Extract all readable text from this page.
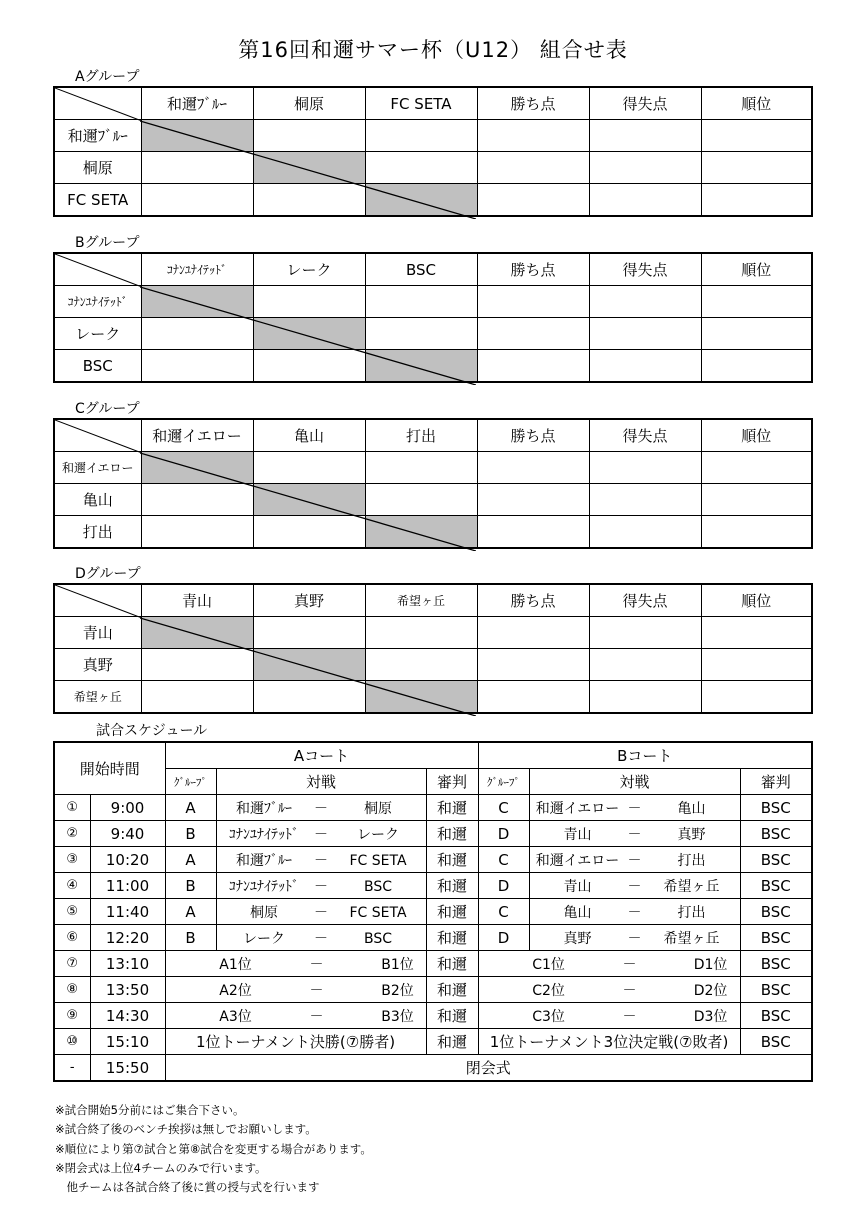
第16回和邇サマー杯（U12） 組合せ表
Aグループ
	和邇ﾌﾞﾙｰ	桐原	FC SETA	勝ち点	得失点	順位
和邇ﾌﾞﾙｰ						
桐原						
FC SETA						
Bグループ
	ｺﾅﾝﾕﾅｲﾃｯﾄﾞ	レーク	BSC	勝ち点	得失点	順位
ｺﾅﾝﾕﾅｲﾃｯﾄﾞ						
レーク						
BSC						
Cグループ
	和邇イエロー	亀山	打出	勝ち点	得失点	順位
和邇イエロー						
亀山						
打出						
Dグループ
	青山	真野	希望ヶ丘	勝ち点	得失点	順位
青山						
真野						
希望ヶ丘						
試合スケジュール
開始時間		Aコート			Bコート		
		ｸﾞﾙｰﾌﾟ	対戦	審判	ｸﾞﾙｰﾌﾟ	対戦	審判
①	9:00	A	和邇ﾌﾞﾙｰ － 桐原	和邇	C	和邇イエロー － 亀山	BSC
②	9:40	B	ｺﾅﾝﾕﾅｲﾃｯﾄﾞ － レーク	和邇	D	青山 － 真野	BSC
③	10:20	A	和邇ﾌﾞﾙｰ － FC SETA	和邇	C	和邇イエロー － 打出	BSC
④	11:00	B	ｺﾅﾝﾕﾅｲﾃｯﾄﾞ － BSC	和邇	D	青山 － 希望ヶ丘	BSC
⑤	11:40	A	桐原 － FC SETA	和邇	C	亀山 － 打出	BSC
⑥	12:20	B	レーク － BSC	和邇	D	真野 － 希望ヶ丘	BSC
⑦	13:10	A1位 － B1位		和邇	C1位 － D1位		BSC
⑧	13:50	A2位 － B2位		和邇	C2位 － D2位		BSC
⑨	14:30	A3位 － B3位		和邇	C3位 － D3位		BSC
⑩	15:10	1位トーナメント決勝(⑦勝者)		和邇	1位トーナメント3位決定戦(⑦敗者)		BSC
-	15:50	閉会式					
※試合開始5分前にはご集合下さい。
※試合終了後のベンチ挨拶は無しでお願いします。
※順位により第⑦試合と第⑧試合を変更する場合があります。
※閉会式は上位4チームのみで行います。
　他チームは各試合終了後に賞の授与式を行います
